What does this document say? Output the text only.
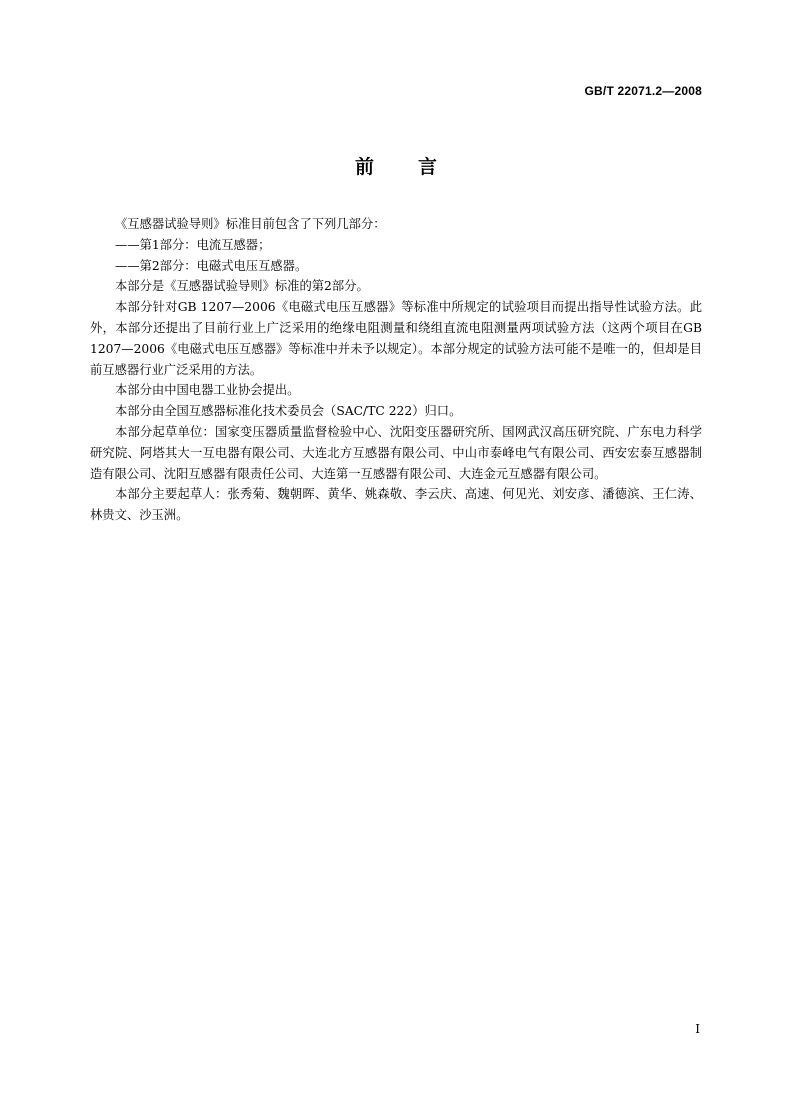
GB/T 22071.2—2008
前言

《互感器试验导则》标准目前包含了下列几部分：

——第1部分：电流互感器；

——第2部分：电磁式电压互感器。

本部分是《互感器试验导则》标准的第2部分。

本部分针对GB 1207—2006《电磁式电压互感器》等标准中所规定的试验项目而提出指导性试验方法。此外，本部分还提出了目前行业上广泛采用的绝缘电阻测量和绕组直流电阻测量两项试验方法（这两个项目在GB 1207—2006《电磁式电压互感器》等标准中并未予以规定）。本部分规定的试验方法可能不是唯一的，但却是目前互感器行业广泛采用的方法。

本部分由中国电器工业协会提出。

本部分由全国互感器标准化技术委员会（SAC/TC 222）归口。

本部分起草单位：国家变压器质量监督检验中心、沈阳变压器研究所、国网武汉高压研究院、广东电力科学研究院、阿塔其大一互电器有限公司、大连北方互感器有限公司、中山市泰峰电气有限公司、西安宏泰互感器制造有限公司、沈阳互感器有限责任公司、大连第一互感器有限公司、大连金元互感器有限公司。

本部分主要起草人：张秀菊、魏朝晖、黄华、姚森敬、李云庆、高速、何见光、刘安彦、潘德滨、王仁涛、林贵文、沙玉洲。

I
